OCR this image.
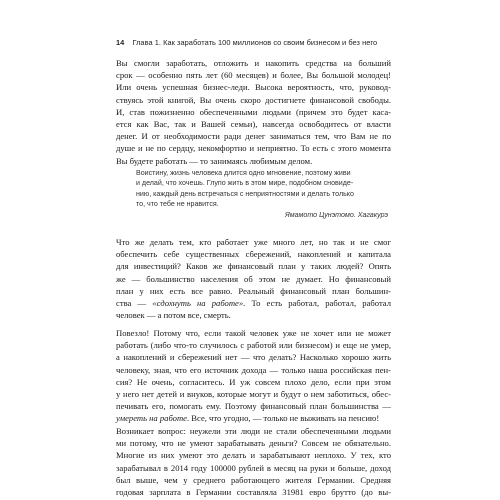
14 Глава 1. Как заработать 100 миллионов со своим бизнесом и без него
Вы смогли заработать, отложить и накопить средства на больший
срок — особенно пять лет (60 месяцев) и более, Вы большой молодец!
Или очень успешная бизнес-леди. Высока вероятность, что, руковод-
ствуясь этой книгой, Вы очень скоро достигнете финансовой свободы.
И, став пожизненно обеспеченными людьми (причем это будет каса-
ется как Вас, так и Вашей семьи), навсегда освободитесь от власти
денег. И от необходимости ради денег заниматься тем, что Вам не по
душе и не по сердцу, некомфортно и неприятно. То есть с этого момента
Вы будете работать — то занимаясь любимым делом.
Воистину, жизнь человека длится одно мгновение, поэтому живи
и делай, что хочешь. Глупо жить в этом мире, подобном сновиде-
нию, каждый день встречаться с неприятностями и делать только
то, что тебе не нравится.
Ямамото Цунэтомо. Хагакурэ
Что же делать тем, кто работает уже много лет, но так и не смог
обеспечить себе существенных сбережений, накоплений и капитала
для инвестиций? Каков же финансовый план у таких людей? Опять
же — большинство населения об этом не думает. Но финансовый
план у них есть все равно. Реальный финансовый план большин-
ства — «сдохнуть на работе». То есть работал, работал, работал
человек — а потом все, смерть.
Повезло! Потому что, если такой человек уже не хочет или не может
работать (либо что-то случилось с работой или бизнесом) и еще не умер,
а накоплений и сбережений нет — что делать? Насколько хорошо жить
человеку, зная, что его источник дохода — только наша российская пен-
сия? Не очень, согласитесь. И уж совсем плохо дело, если при этом
у него нет детей и внуков, которые могут и будут о нем заботиться, обес-
печивать его, помогать ему. Поэтому финансовый план большинства —
умереть на работе. Все, что угодно, — только не выживать на пенсию!
Возникает вопрос: неужели эти люди не стали обеспеченными людьми
ми потому, что не умеют зарабатывать деньги? Совсем не обязательно.
Многие из них умеют это делать и зарабатывают неплохо. У тех, кто
зарабатывал в 2014 году 100000 рублей в месяц на руки и больше, доход
был выше, чем у среднего работающего жителя Германии. Средняя
годовая зарплата в Германии составляла 31981 евро брутто (до вы-
